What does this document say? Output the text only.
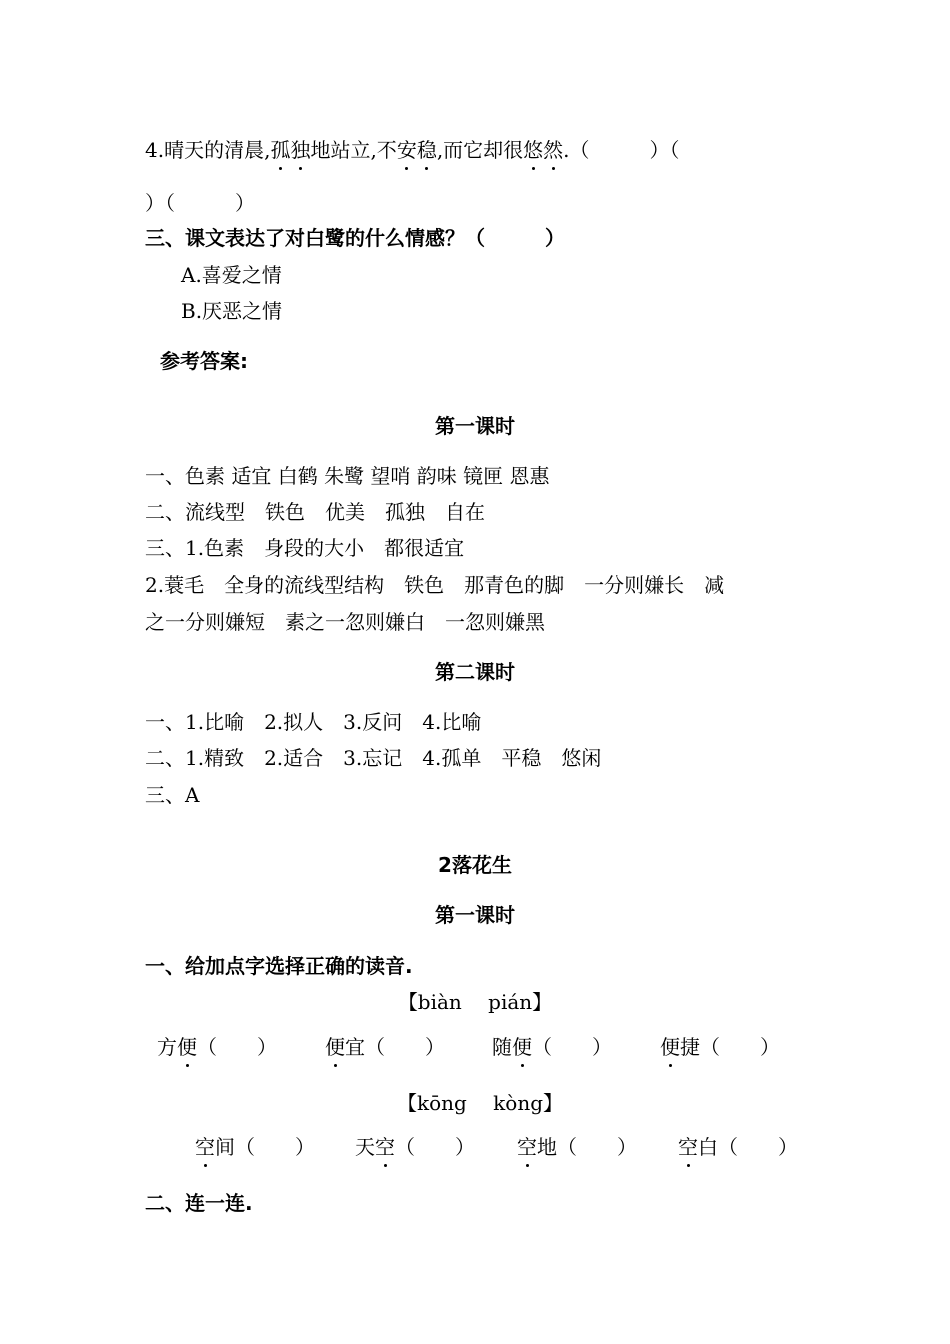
4.晴天的清晨,孤独地站立,不安稳,而它却很悠然.（　　　）（
）（　　　）
三、课文表达了对白鹭的什么情感？（　　　）
A.喜爱之情
B.厌恶之情
参考答案:
第一课时
一、色素 适宜 白鹤 朱鹭 望哨 韵味 镜匣 恩惠
二、流线型　铁色　优美　孤独　自在
三、1.色素　身段的大小　都很适宜
2.蓑毛　全身的流线型结构　铁色　那青色的脚　一分则嫌长　减
之一分则嫌短　素之一忽则嫌白　一忽则嫌黑
第二课时
一、1.比喻　2.拟人　3.反问　4.比喻
二、1.精致　2.适合　3.忘记　4.孤单　平稳　悠闲
三、A
2落花生
第一课时
一、给加点字选择正确的读音.
【biàn　 pián】
方便（　　） 便宜（　　） 随便（　　） 便捷（　　）
【kōng　 kòng】
空间（　　） 天空（　　） 空地（　　） 空白（　　）
二、连一连.
